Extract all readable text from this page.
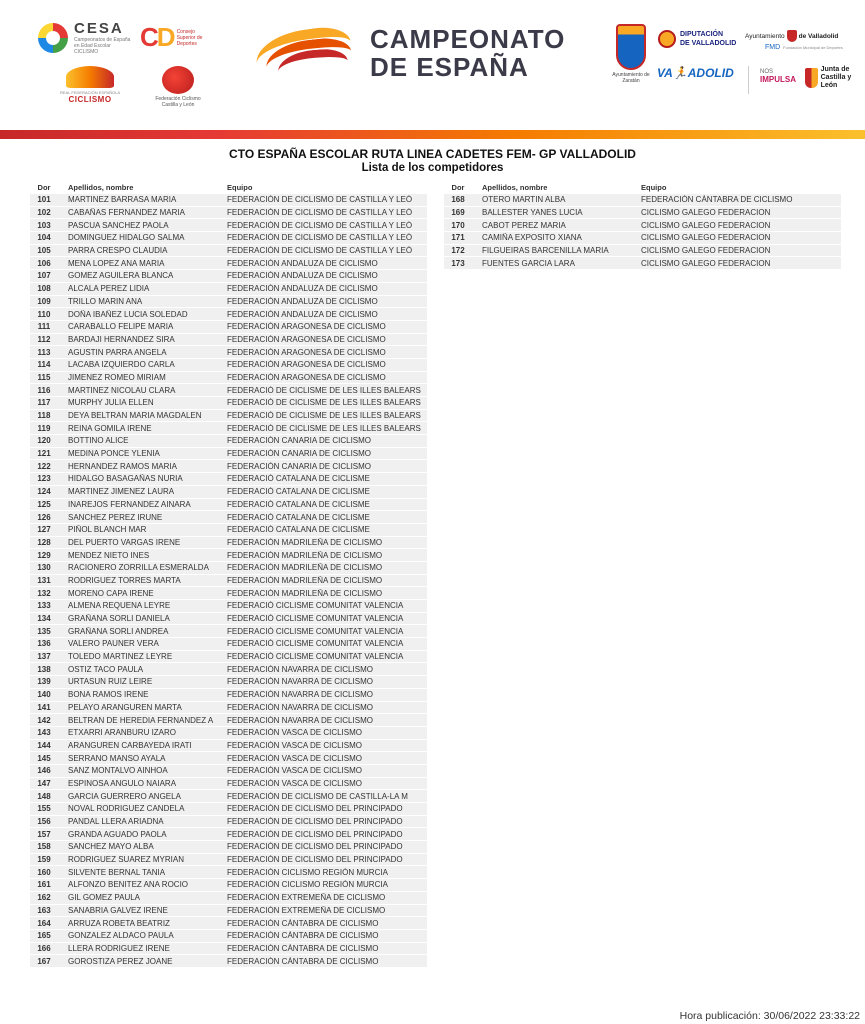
CESA
Campeonatos de España en Edad Escolar CICLISMO	CD Consejo Superior de Deportes
REAL FEDERACIÓN ESPAÑOLA
CICLISMO	Federación Ciclismo Castilla y León
CAMPEONATO
DE ESPAÑA	Ayuntamiento de Zaratán
DIPUTACIÓN
DE VALLADOLID
Ayuntamiento de Valladolid
FMD Fundación Municipal de Deportes
VA 🏃 ADOLID	NOS
IMPULSA
Junta de
Castilla y León
CTO ESPAÑA ESCOLAR RUTA LINEA CADETES FEM- GP VALLADOLID
Lista de los competidores
Dor	Apellidos, nombre	Equipo
101	MARTINEZ BARRASA MARIA	FEDERACIÓN DE CICLISMO DE CASTILLA Y LEÓ
102	CABAÑAS FERNANDEZ MARIA	FEDERACIÓN DE CICLISMO DE CASTILLA Y LEÓ
103	PASCUA SANCHEZ PAOLA	FEDERACIÓN DE CICLISMO DE CASTILLA Y LEÓ
104	DOMINGUEZ HIDALGO SALMA	FEDERACIÓN DE CICLISMO DE CASTILLA Y LEÓ
105	PARRA CRESPO CLAUDIA	FEDERACIÓN DE CICLISMO DE CASTILLA Y LEÓ
106	MENA LOPEZ ANA MARIA	FEDERACIÓN ANDALUZA DE CICLISMO
107	GOMEZ AGUILERA BLANCA	FEDERACIÓN ANDALUZA DE CICLISMO
108	ALCALA PEREZ LIDIA	FEDERACIÓN ANDALUZA DE CICLISMO
109	TRILLO MARIN ANA	FEDERACIÓN ANDALUZA DE CICLISMO
110	DOÑA IBAÑEZ LUCIA SOLEDAD	FEDERACIÓN ANDALUZA DE CICLISMO
111	CARABALLO FELIPE MARIA	FEDERACIÓN ARAGONESA DE CICLISMO
112	BARDAJI HERNANDEZ SIRA	FEDERACIÓN ARAGONESA DE CICLISMO
113	AGUSTIN PARRA ANGELA	FEDERACIÓN ARAGONESA DE CICLISMO
114	LACABA IZQUIERDO CARLA	FEDERACIÓN ARAGONESA DE CICLISMO
115	JIMENEZ ROMEO MIRIAM	FEDERACIÓN ARAGONESA DE CICLISMO
116	MARTINEZ NICOLAU CLARA	FEDERACIÓ DE CICLISME DE LES ILLES BALEARS
117	MURPHY JULIA ELLEN	FEDERACIÓ DE CICLISME DE LES ILLES BALEARS
118	DEYA BELTRAN MARIA MAGDALEN	FEDERACIÓ DE CICLISME DE LES ILLES BALEARS
119	REINA GOMILA IRENE	FEDERACIÓ DE CICLISME DE LES ILLES BALEARS
120	BOTTINO ALICE	FEDERACIÓN CANARIA DE CICLISMO
121	MEDINA PONCE YLENIA	FEDERACIÓN CANARIA DE CICLISMO
122	HERNANDEZ RAMOS MARIA	FEDERACIÓN CANARIA DE CICLISMO
123	HIDALGO BASAGAÑAS NURIA	FEDERACIÓ CATALANA DE CICLISME
124	MARTINEZ JIMENEZ LAURA	FEDERACIÓ CATALANA DE CICLISME
125	INAREJOS FERNANDEZ AINARA	FEDERACIÓ CATALANA DE CICLISME
126	SANCHEZ PEREZ IRUNE	FEDERACIÓ CATALANA DE CICLISME
127	PIÑOL BLANCH MAR	FEDERACIÓ CATALANA DE CICLISME
128	DEL PUERTO VARGAS IRENE	FEDERACIÓN MADRILEÑA DE CICLISMO
129	MENDEZ NIETO INES	FEDERACIÓN MADRILEÑA DE CICLISMO
130	RACIONERO ZORRILLA ESMERALDA	FEDERACIÓN MADRILEÑA DE CICLISMO
131	RODRIGUEZ TORRES MARTA	FEDERACIÓN MADRILEÑA DE CICLISMO
132	MORENO CAPA IRENE	FEDERACIÓN MADRILEÑA DE CICLISMO
133	ALMENA REQUENA LEYRE	FEDERACIÓ CICLISME COMUNITAT VALENCIA
134	GRAÑANA SORLI DANIELA	FEDERACIÓ CICLISME COMUNITAT VALENCIA
135	GRAÑANA SORLI ANDREA	FEDERACIÓ CICLISME COMUNITAT VALENCIA
136	VALERO PAUNER VERA	FEDERACIÓ CICLISME COMUNITAT VALENCIA
137	TOLEDO MARTINEZ LEYRE	FEDERACIÓ CICLISME COMUNITAT VALENCIA
138	OSTIZ TACO PAULA	FEDERACIÓN NAVARRA DE CICLISMO
139	URTASUN RUIZ LEIRE	FEDERACIÓN NAVARRA DE CICLISMO
140	BONA RAMOS IRENE	FEDERACIÓN NAVARRA DE CICLISMO
141	PELAYO ARANGUREN MARTA	FEDERACIÓN NAVARRA DE CICLISMO
142	BELTRAN DE HEREDIA FERNANDEZ A	FEDERACIÓN NAVARRA DE CICLISMO
143	ETXARRI ARANBURU IZARO	FEDERACIÓN VASCA DE CICLISMO
144	ARANGUREN CARBAYEDA IRATI	FEDERACIÓN VASCA DE CICLISMO
145	SERRANO MANSO AYALA	FEDERACIÓN VASCA DE CICLISMO
146	SANZ MONTALVO AINHOA	FEDERACIÓN VASCA DE CICLISMO
147	ESPINOSA ANGULO NAIARA	FEDERACIÓN VASCA DE CICLISMO
148	GARCIA GUERRERO ANGELA	FEDERACIÓN DE CICLISMO DE CASTILLA-LA M
155	NOVAL RODRIGUEZ CANDELA	FEDERACIÓN DE CICLISMO DEL PRINCIPADO
156	PANDAL LLERA ARIADNA	FEDERACIÓN DE CICLISMO DEL PRINCIPADO
157	GRANDA AGUADO PAOLA	FEDERACIÓN DE CICLISMO DEL PRINCIPADO
158	SANCHEZ MAYO ALBA	FEDERACIÓN DE CICLISMO DEL PRINCIPADO
159	RODRIGUEZ SUAREZ MYRIAN	FEDERACIÓN DE CICLISMO DEL PRINCIPADO
160	SILVENTE BERNAL TANIA	FEDERACIÓN CICLISMO REGIÓN MURCIA
161	ALFONZO BENITEZ ANA ROCIO	FEDERACIÓN CICLISMO REGIÓN MURCIA
162	GIL GOMEZ PAULA	FEDERACIÓN EXTREMEÑA DE CICLISMO
163	SANABRIA GALVEZ IRENE	FEDERACIÓN EXTREMEÑA DE CICLISMO
164	ARRUZA ROBETA BEATRIZ	FEDERACIÓN CÁNTABRA DE CICLISMO
165	GONZALEZ ALDACO PAULA	FEDERACIÓN CÁNTABRA DE CICLISMO
166	LLERA RODRIGUEZ IRENE	FEDERACIÓN CÁNTABRA DE CICLISMO
167	GOROSTIZA PEREZ JOANE	FEDERACIÓN CÁNTABRA DE CICLISMO
Dor	Apellidos, nombre	Equipo
168	OTERO MARTIN ALBA	FEDERACIÓN CÁNTABRA DE CICLISMO
169	BALLESTER YANES LUCIA	CICLISMO GALEGO FEDERACION
170	CABOT PEREZ MARIA	CICLISMO GALEGO FEDERACION
171	CAMIÑA EXPOSITO XIANA	CICLISMO GALEGO FEDERACION
172	FILGUEIRAS BARCENILLA MARIA	CICLISMO GALEGO FEDERACION
173	FUENTES GARCIA LARA	CICLISMO GALEGO FEDERACION
Hora publicación: 30/06/2022 23:33:22
